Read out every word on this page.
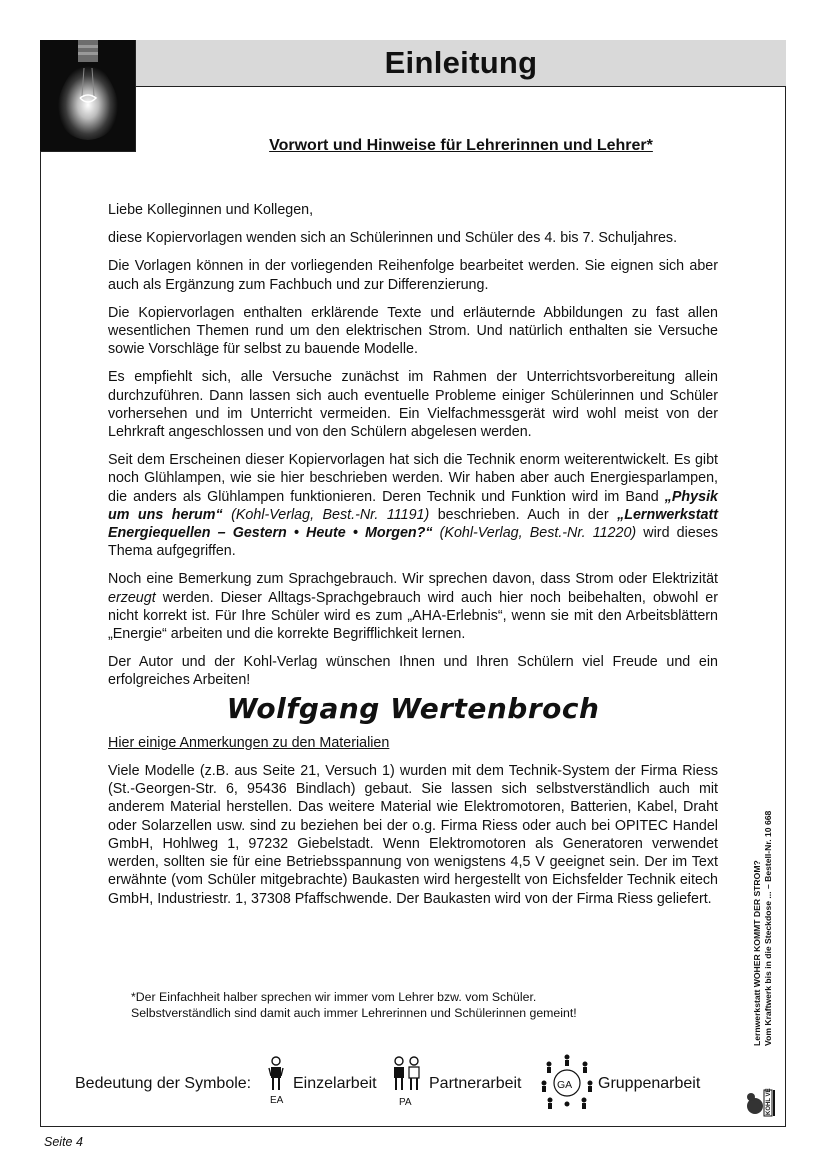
Einleitung
Vorwort und Hinweise für Lehrerinnen und Lehrer*

Liebe Kolleginnen und Kollegen,

diese Kopiervorlagen wenden sich an Schülerinnen und Schüler des 4. bis 7. Schuljahres.

Die Vorlagen können in der vorliegenden Reihenfolge bearbeitet werden. Sie eignen sich aber auch als Ergänzung zum Fachbuch und zur Differenzierung.

Die Kopiervorlagen enthalten erklärende Texte und erläuternde Abbildungen zu fast allen wesentlichen Themen rund um den elektrischen Strom. Und natürlich enthalten sie Versuche sowie Vorschläge für selbst zu bauende Modelle.

Es empfiehlt sich, alle Versuche zunächst im Rahmen der Unterrichtsvorbereitung allein durchzuführen. Dann lassen sich auch eventuelle Probleme einiger Schülerinnen und Schüler vorhersehen und im Unterricht vermeiden. Ein Vielfachmessgerät wird wohl meist von der Lehrkraft angeschlossen und von den Schülern abgelesen werden.

Seit dem Erscheinen dieser Kopiervorlagen hat sich die Technik enorm weiterentwickelt. Es gibt noch Glühlampen, wie sie hier beschrieben werden. Wir haben aber auch Energiesparlampen, die anders als Glühlampen funktionieren. Deren Technik und Funktion wird im Band „Physik um uns herum“ (Kohl-Verlag, Best.-Nr. 11191) beschrieben. Auch in der „Lernwerkstatt Energiequellen – Gestern • Heute • Morgen?“ (Kohl-Verlag, Best.-Nr. 11220) wird dieses Thema aufgegriffen.

Noch eine Bemerkung zum Sprachgebrauch. Wir sprechen davon, dass Strom oder Elektrizität erzeugt werden. Dieser Alltags-Sprachgebrauch wird auch hier noch beibehalten, obwohl er nicht korrekt ist. Für Ihre Schüler wird es zum „AHA-Erlebnis“, wenn sie mit den Arbeitsblättern „Energie“ arbeiten und die korrekte Begrifflichkeit lernen.

Der Autor und der Kohl-Verlag wünschen Ihnen und Ihren Schülern viel Freude und ein erfolgreiches Arbeiten!

Wolfgang Wertenbroch

Hier einige Anmerkungen zu den Materialien

Viele Modelle (z.B. aus Seite 21, Versuch 1) wurden mit dem Technik-System der Firma Riess (St.-Georgen-Str. 6, 95436 Bindlach) gebaut. Sie lassen sich selbstverständlich auch mit anderem Material herstellen. Das weitere Material wie Elektromotoren, Batterien, Kabel, Draht oder Solarzellen usw. sind zu beziehen bei der o.g. Firma Riess oder auch bei OPITEC Handel GmbH, Hohlweg 1, 97232 Giebelstadt. Wenn Elektromotoren als Generatoren verwendet werden, sollten sie für eine Betriebsspannung von wenigstens 4,5 V geeignet sein. Der im Text erwähnte (vom Schüler mitgebrachte) Baukasten wird hergestellt von Eichsfelder Technik eitech GmbH, Industriestr. 1, 37308 Pfaffschwende. Der Baukasten wird von der Firma Riess geliefert.

*Der Einfachheit halber sprechen wir immer vom Lehrer bzw. vom Schüler.
Selbstverständlich sind damit auch immer Lehrerinnen und Schülerinnen gemeint!
Bedeutung der Symbole:
EA
Einzelarbeit
PA
Partnerarbeit	GA Gruppenarbeit
Lernwerkstatt WOHER KOMMT DER STROM? Vom Kraftwerk bis in die Steckdose ... – Bestell-Nr. 10 668
KOHL VERLAG
Seite 4
